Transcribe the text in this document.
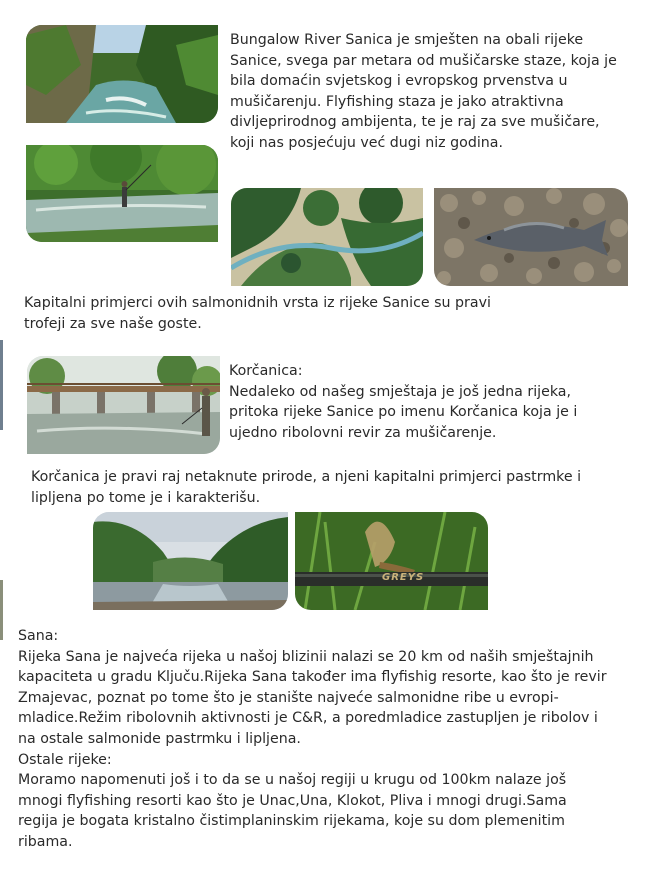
Bungalow River Sanica je smješten na obali rijeke
Sanice, svega par metara od mušičarske staze, koja je
bila domaćin svjetskog i evropskog prvenstva u
mušičarenju. Flyfishing staza je jako atraktivna
divljeprirodnog ambijenta, te je raj za sve mušičare,
koji nas posjećuju već dugi niz godina.
Kapitalni primjerci ovih salmonidnih vrsta iz rijeke Sanice su pravi
trofeji za sve naše goste.
Korčanica:
Nedaleko od našeg smještaja je još jedna rijeka,
pritoka rijeke Sanice po imenu Korčanica koja je i
ujedno ribolovni revir za mušičarenje.
Korčanica je pravi raj netaknute prirode, a njeni kapitalni primjerci pastrmke i
lipljena po tome je i karakterišu.
GREYS
Sana:
Rijeka Sana je najveća rijeka u našoj blizinii nalazi se 20 km od naših smještajnih
kapaciteta u gradu Ključu.Rijeka Sana također ima flyfishig resorte, kao što je revir
Zmajevac, poznat po tome što je stanište najveće salmonidne ribe u evropi-
mladice.Režim ribolovnih aktivnosti je C&R, a poredmladice zastupljen je ribolov i
na ostale salmonide pastrmku i lipljena.
Ostale rijeke:
Moramo napomenuti još i to da se u našoj regiji u krugu od 100km nalaze još
mnogi flyfishing resorti kao što je Unac,Una, Klokot, Pliva i mnogi drugi.Sama
regija je bogata kristalno čistimplaninskim rijekama, koje su dom plemenitim
ribama.
